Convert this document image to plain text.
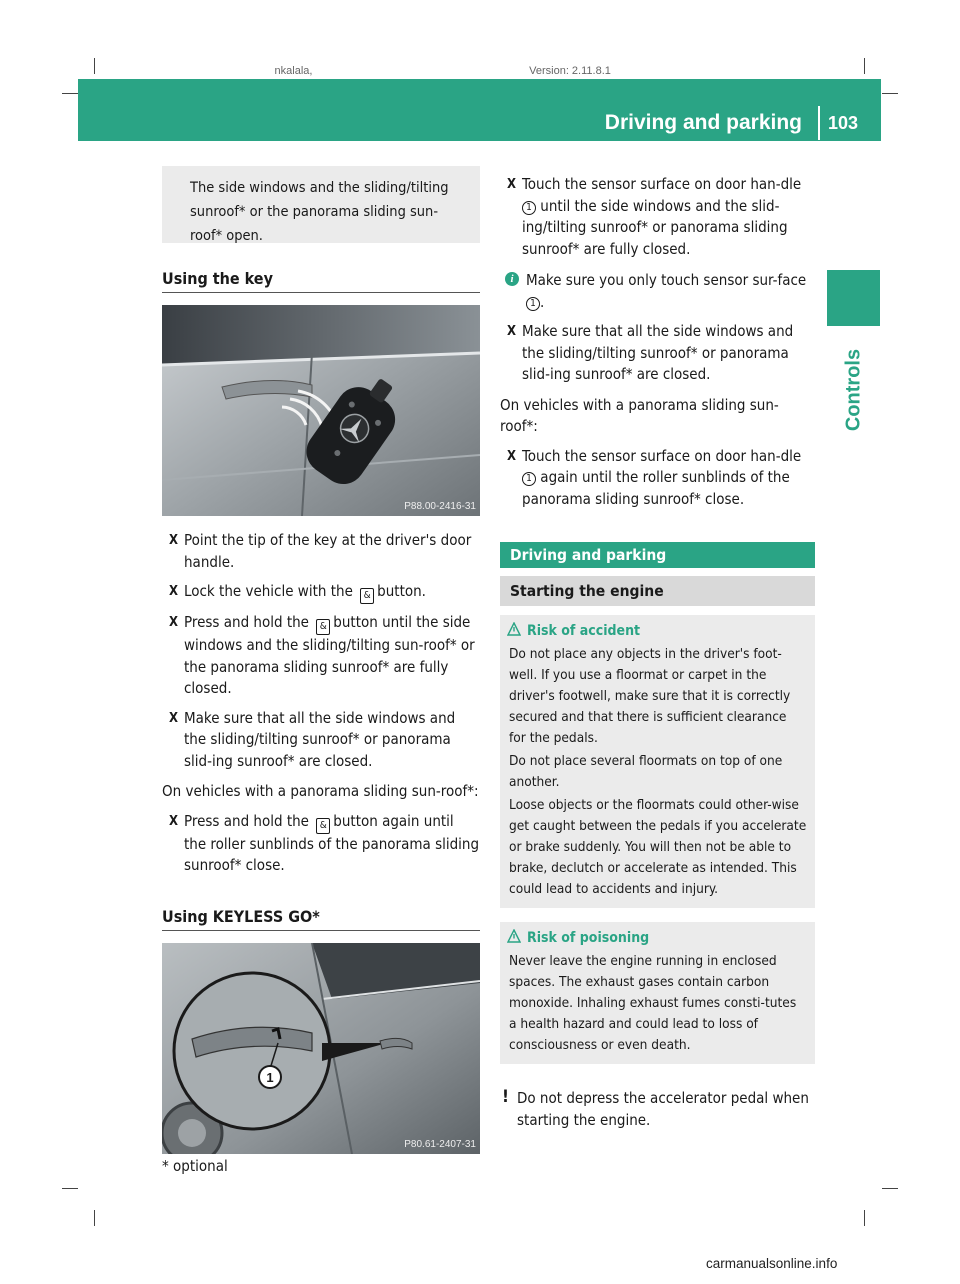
nkalala,	Version: 2.11.8.1
Driving and parking 103
Controls
The side windows and the sliding/tilting sunroof* or the panorama sliding sun-roof* open.
Using the key
P88.00-2416-31
X Point the tip of the key at the driver's door handle.
X Lock the vehicle with the & button.
X Press and hold the & button until the side windows and the sliding/tilting sun-roof* or the panorama sliding sunroof* are fully closed.
X Make sure that all the side windows and the sliding/tilting sunroof* or panorama slid-ing sunroof* are closed.
On vehicles with a panorama sliding sun-roof*:
X Press and hold the & button again until the roller sunblinds of the panorama sliding sunroof* close.
Using KEYLESS GO*
1
P80.61-2407-31
X Touch the sensor surface on door han-dle 1 until the side windows and the slid-ing/tilting sunroof* or panorama sliding sunroof* are fully closed.
i Make sure you only touch sensor sur-face 1 .
X Make sure that all the side windows and the sliding/tilting sunroof* or panorama slid-ing sunroof* are closed.
On vehicles with a panorama sliding sun-roof*:
X Touch the sensor surface on door han-dle 1 again until the roller sunblinds of the panorama sliding sunroof* close.
Driving and parking
Starting the engine
Risk of accident

Do not place any objects in the driver's foot-well. If you use a floormat or carpet in the driver's footwell, make sure that it is correctly secured and that there is sufficient clearance for the pedals.

Do not place several floormats on top of one another.

Loose objects or the floormats could other-wise get caught between the pedals if you accelerate or brake suddenly. You will then not be able to brake, declutch or accelerate as intended. This could lead to accidents and injury.

Risk of poisoning

Never leave the engine running in enclosed spaces. The exhaust gases contain carbon monoxide. Inhaling exhaust fumes consti-tutes a health hazard and could lead to loss of consciousness or even death.

! Do not depress the accelerator pedal when starting the engine.
* optional
carmanualsonline.info
